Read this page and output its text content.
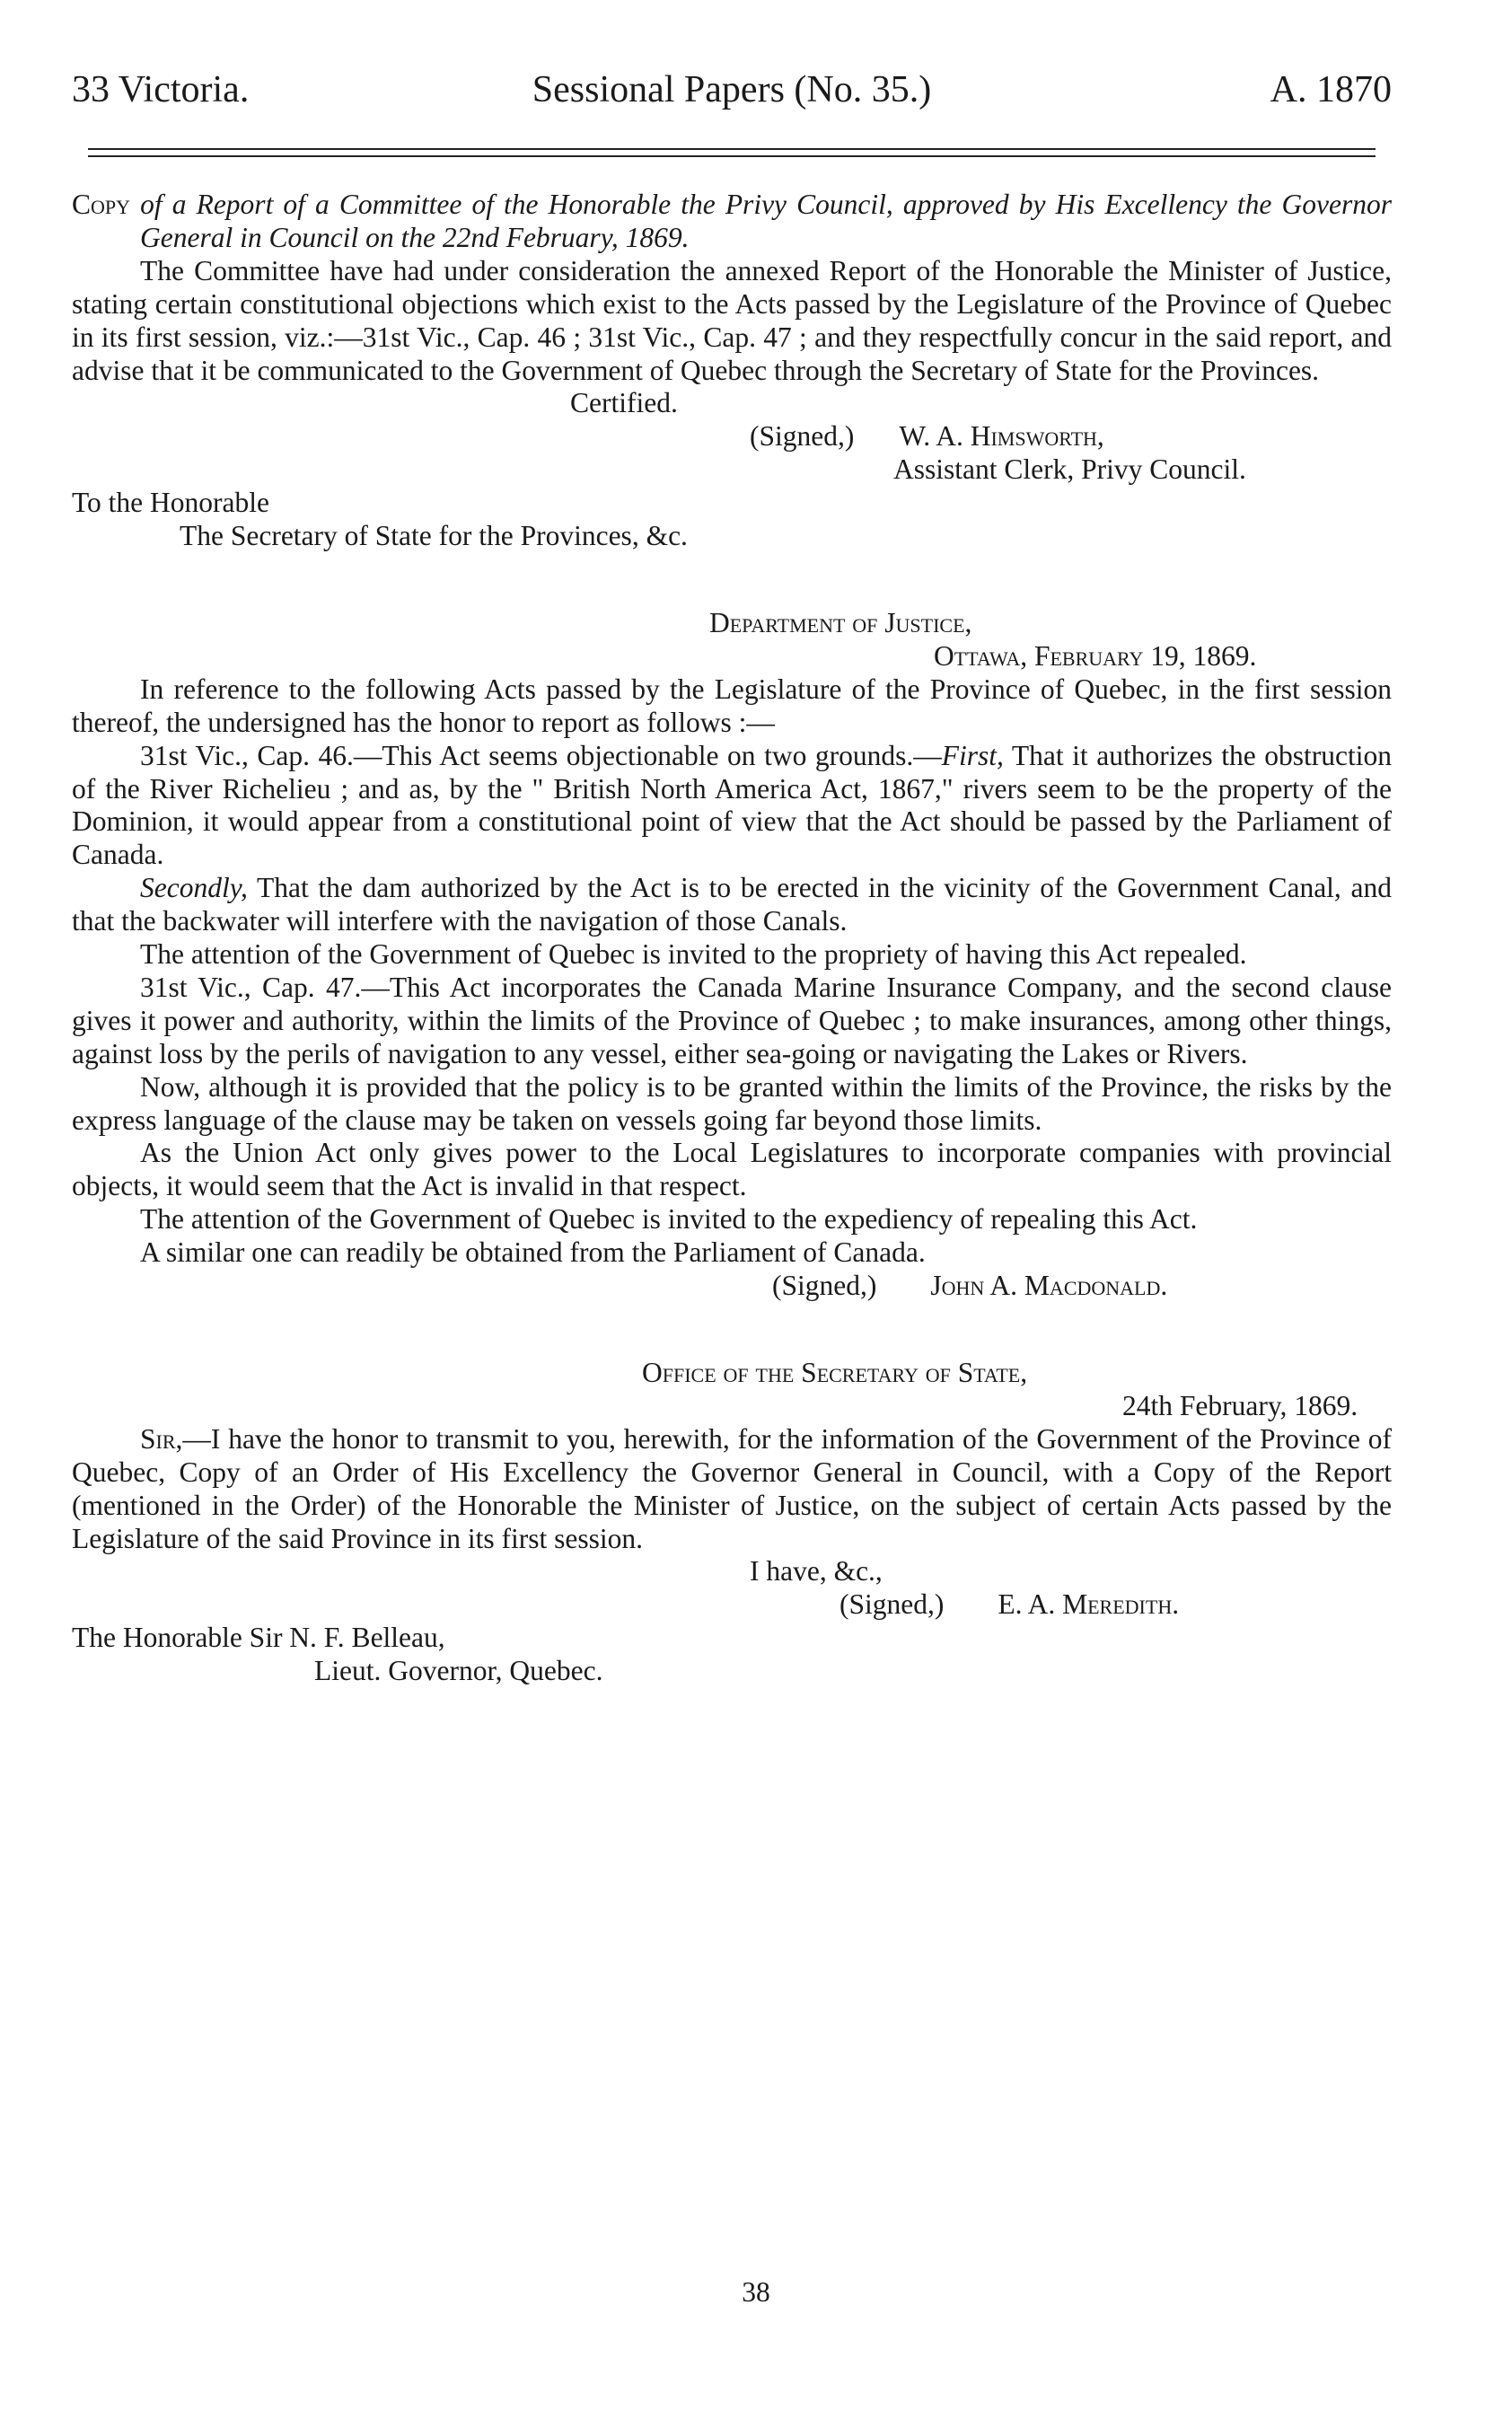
33 Victoria.	Sessional Papers (No. 35.)	A. 1870

Copy of a Report of a Committee of the Honorable the Privy Council, approved by His Excellency the Governor General in Council on the 22nd February, 1869.

The Committee have had under consideration the annexed Report of the Honorable the Minister of Justice, stating certain constitutional objections which exist to the Acts passed by the Legislature of the Province of Quebec in its first session, viz.:—31st Vic., Cap. 46 ; 31st Vic., Cap. 47 ; and they respectfully concur in the said report, and advise that it be communicated to the Government of Quebec through the Secretary of State for the Provinces.

Certified.

(Signed,) W. A. Himsworth,

Assistant Clerk, Privy Council.

To the Honorable

The Secretary of State for the Provinces, &c.

Department of Justice,

Ottawa, February 19, 1869.

In reference to the following Acts passed by the Legislature of the Province of Quebec, in the first session thereof, the undersigned has the honor to report as follows :—

31st Vic., Cap. 46.—This Act seems objectionable on two grounds.—First, That it authorizes the obstruction of the River Richelieu ; and as, by the " British North America Act, 1867," rivers seem to be the property of the Dominion, it would appear from a constitutional point of view that the Act should be passed by the Parliament of Canada.

Secondly, That the dam authorized by the Act is to be erected in the vicinity of the Government Canal, and that the backwater will interfere with the navigation of those Canals.

The attention of the Government of Quebec is invited to the propriety of having this Act repealed.

31st Vic., Cap. 47.—This Act incorporates the Canada Marine Insurance Company, and the second clause gives it power and authority, within the limits of the Province of Quebec ; to make insurances, among other things, against loss by the perils of navigation to any vessel, either sea-going or navigating the Lakes or Rivers.

Now, although it is provided that the policy is to be granted within the limits of the Province, the risks by the express language of the clause may be taken on vessels going far beyond those limits.

As the Union Act only gives power to the Local Legislatures to incorporate companies with provincial objects, it would seem that the Act is invalid in that respect.

The attention of the Government of Quebec is invited to the expediency of repealing this Act.

A similar one can readily be obtained from the Parliament of Canada.

(Signed,) John A. Macdonald.

Office of the Secretary of State,

24th February, 1869.

Sir,—I have the honor to transmit to you, herewith, for the information of the Government of the Province of Quebec, Copy of an Order of His Excellency the Governor General in Council, with a Copy of the Report (mentioned in the Order) of the Honorable the Minister of Justice, on the subject of certain Acts passed by the Legislature of the said Province in its first session.

I have, &c.,

(Signed,) E. A. Meredith.

The Honorable Sir N. F. Belleau,

Lieut. Governor, Quebec.

38
